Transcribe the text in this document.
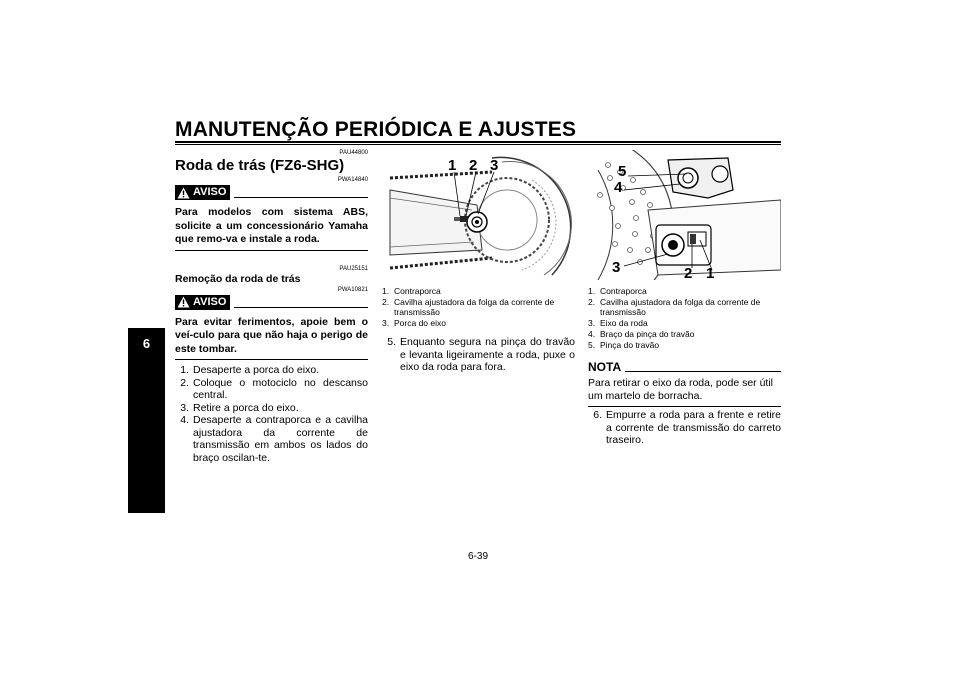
MANUTENÇÃO PERIÓDICA E AJUSTES
6
PAU44800
Roda de trás (FZ6-SHG)
PWA14840
AVISO
Para modelos com sistema ABS, solicite a um concessionário Yamaha que remo-va e instale a roda.
PAU25151
Remoção da roda de trás
PWA10821
AVISO
Para evitar ferimentos, apoie bem o veí-culo para que não haja o perigo de este tombar.
1. Desaperte a porca do eixo.
2. Coloque o motociclo no descanso central.
3. Retire a porca do eixo.
4. Desaperte a contraporca e a cavilha ajustadora da corrente de transmissão em ambos os lados do braço oscilan-te.
1 2 3
1. Contraporca
2. Cavilha ajustadora da folga da corrente de transmissão
3. Porca do eixo
5. Enquanto segura na pinça do travão e levanta ligeiramente a roda, puxe o eixo da roda para fora.
5
4
3	2 1
1. Contraporca
2. Cavilha ajustadora da folga da corrente de transmissão
3. Eixo da roda
4. Braço da pinça do travão
5. Pinça do travão
NOTA
Para retirar o eixo da roda, pode ser útil um martelo de borracha.
6. Empurre a roda para a frente e retire a corrente de transmissão do carreto traseiro.
6-39
